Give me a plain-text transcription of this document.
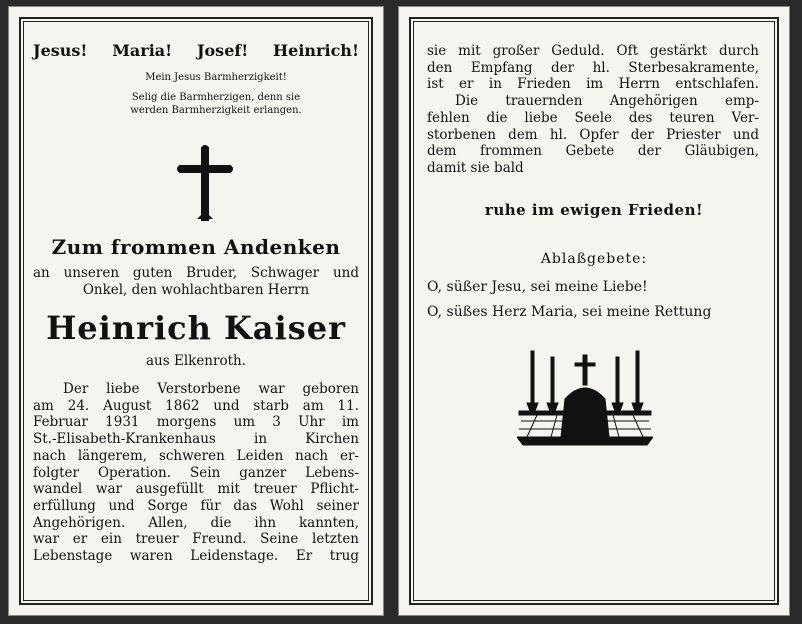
Jesus! Maria! Josef! Heinrich!
Mein Jesus Barmherzigkeit!
Selig die Barmherzigen, denn sie
werden Barmherzigkeit erlangen.
Zum frommen Andenken
an unseren guten Bruder, Schwager und
Onkel, den wohlachtbaren Herrn
Heinrich Kaiser
aus Elkenroth.
Der liebe Verstorbene war geboren
am 24. August 1862 und starb am 11.
Februar 1931 morgens um 3 Uhr im
St.-Elisabeth-Krankenhaus in Kirchen
nach längerem, schweren Leiden nach er-
folgter Operation. Sein ganzer Lebens-
wandel war ausgefüllt mit treuer Pflicht-
erfüllung und Sorge für das Wohl seiner
Angehörigen. Allen, die ihn kannten,
war er ein treuer Freund. Seine letzten
Lebenstage waren Leidenstage. Er trug
sie mit großer Geduld. Oft gestärkt durch
den Empfang der hl. Sterbesakramente,
ist er in Frieden im Herrn entschlafen.
Die trauernden Angehörigen emp-
fehlen die liebe Seele des teuren Ver-
storbenen dem hl. Opfer der Priester und
dem frommen Gebete der Gläubigen,
damit sie bald
ruhe im ewigen Frieden!
Ablaßgebete:
O, süßer Jesu, sei meine Liebe!
O, süßes Herz Maria, sei meine Rettung
